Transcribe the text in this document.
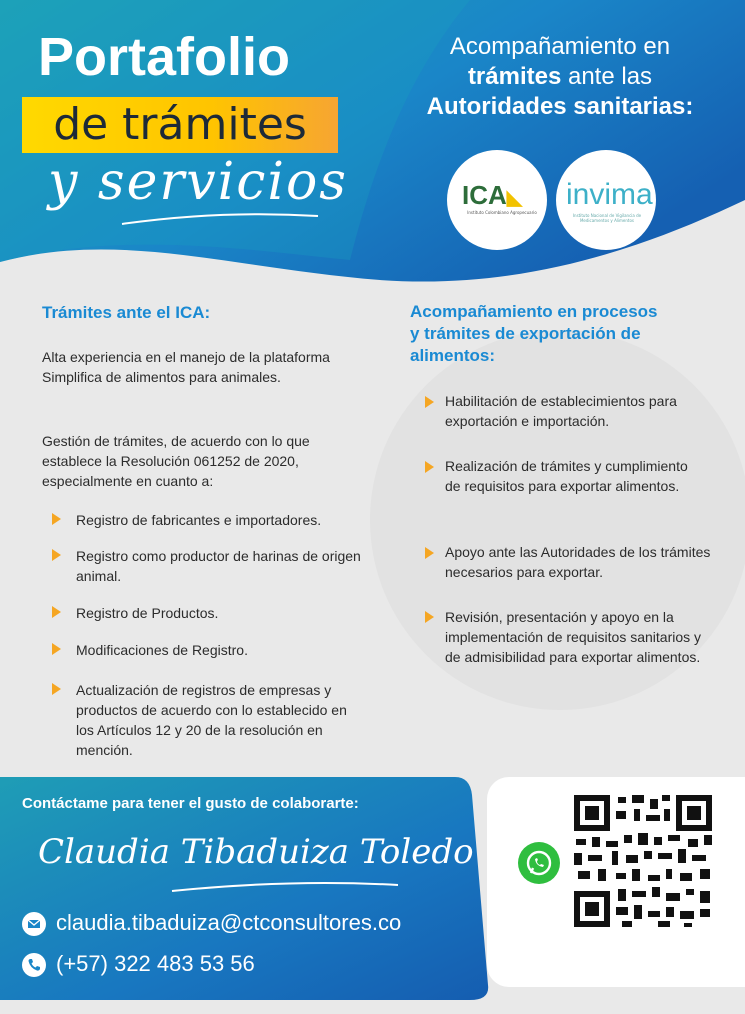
Portafolio
de trámites
y servicios
Acompañamiento en
trámites ante las
Autoridades sanitarias:
ICA◣
Instituto Colombiano Agropecuario
invima
Instituto Nacional de Vigilancia de Medicamentos y Alimentos
Trámites ante el ICA:
Alta experiencia en el manejo de la plataforma Simplifica de alimentos para animales.
Gestión de trámites, de acuerdo con lo que establece la Resolución 061252 de 2020, especialmente en cuanto a:
Registro de fabricantes e importadores.
Registro como productor de harinas de origen animal.
Registro de Productos.
Modificaciones de Registro.
Actualización de registros de empresas y productos de acuerdo con lo establecido en los Artículos 12 y 20 de la resolución en mención.
Acompañamiento en procesos y trámites de exportación de alimentos:
Habilitación de establecimientos para exportación e importación.
Realización de trámites y cumplimiento de requisitos para exportar alimentos.
Apoyo ante las Autoridades de los trámites necesarios para exportar.
Revisión, presentación y apoyo en la implementación de requisitos sanitarios y de admisibilidad para exportar alimentos.
Contáctame para tener el gusto de colaborarte:
Claudia Tibaduiza Toledo
claudia.tibaduiza@ctconsultores.co
(+57) 322 483 53 56
